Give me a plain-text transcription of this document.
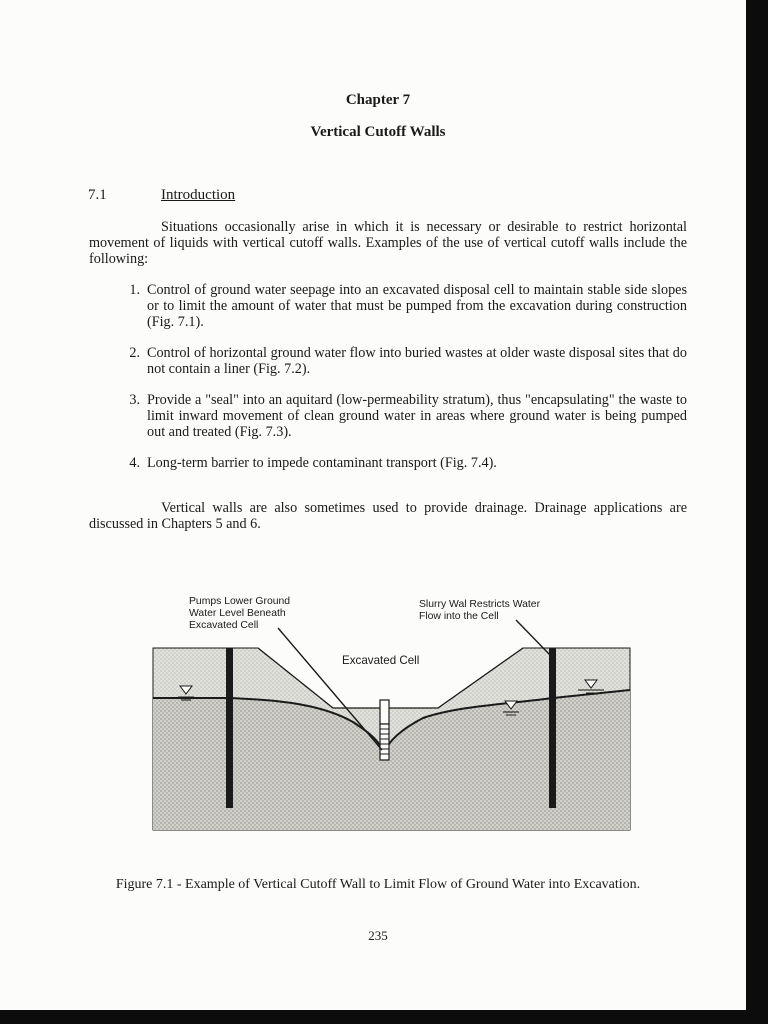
Chapter 7
Vertical Cutoff Walls
7.1	Introduction
Situations occasionally arise in which it is necessary or desirable to restrict horizontal movement of liquids with vertical cutoff walls. Examples of the use of vertical cutoff walls include the following:
1. Control of ground water seepage into an excavated disposal cell to maintain stable side slopes or to limit the amount of water that must be pumped from the excavation during construction (Fig. 7.1).
2. Control of horizontal ground water flow into buried wastes at older waste disposal sites that do not contain a liner (Fig. 7.2).
3. Provide a "seal" into an aquitard (low-permeability stratum), thus "encapsulating" the waste to limit inward movement of clean ground water in areas where ground water is being pumped out and treated (Fig. 7.3).
4. Long-term barrier to impede contaminant transport (Fig. 7.4).
Vertical walls are also sometimes used to provide drainage. Drainage applications are discussed in Chapters 5 and 6.
Pumps Lower Ground
Water Level Beneath
Excavated Cell
Slurry Wal Restricts Water
Flow into the Cell
Excavated Cell
Figure 7.1 - Example of Vertical Cutoff Wall to Limit Flow of Ground Water into Excavation.
235
